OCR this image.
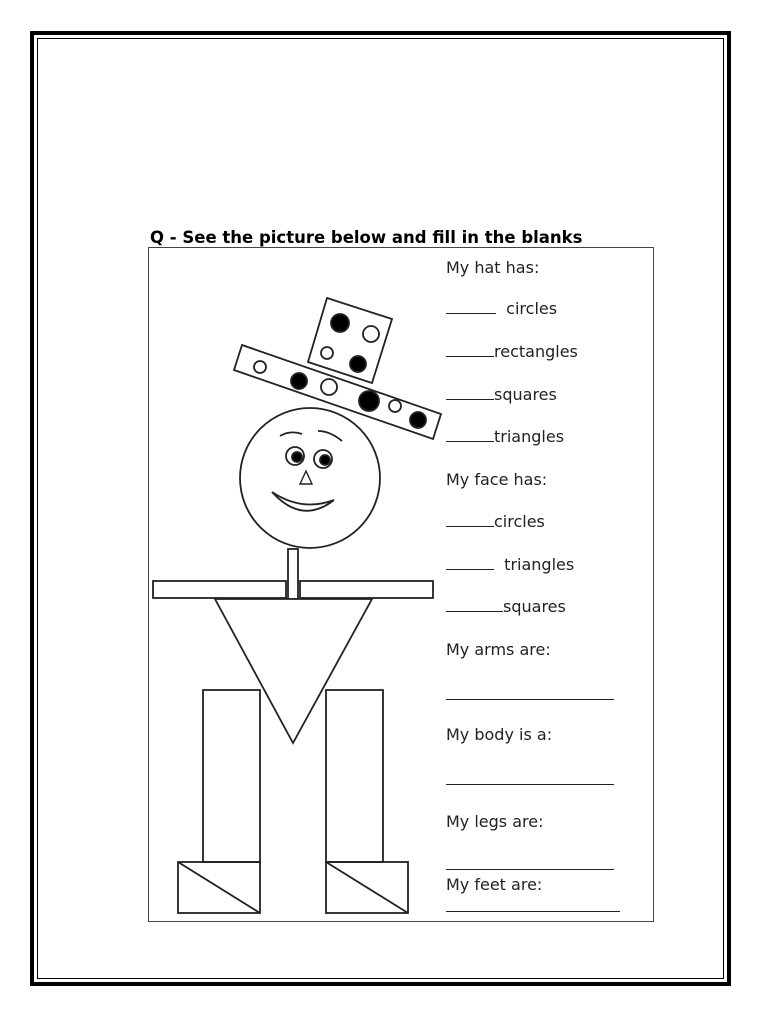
Q - See the picture below and fill in the blanks
My hat has:
circles
rectangles
squares
triangles
My face has:
circles
triangles
squares
My arms are:
My body is a:
My legs are:
My feet are:
